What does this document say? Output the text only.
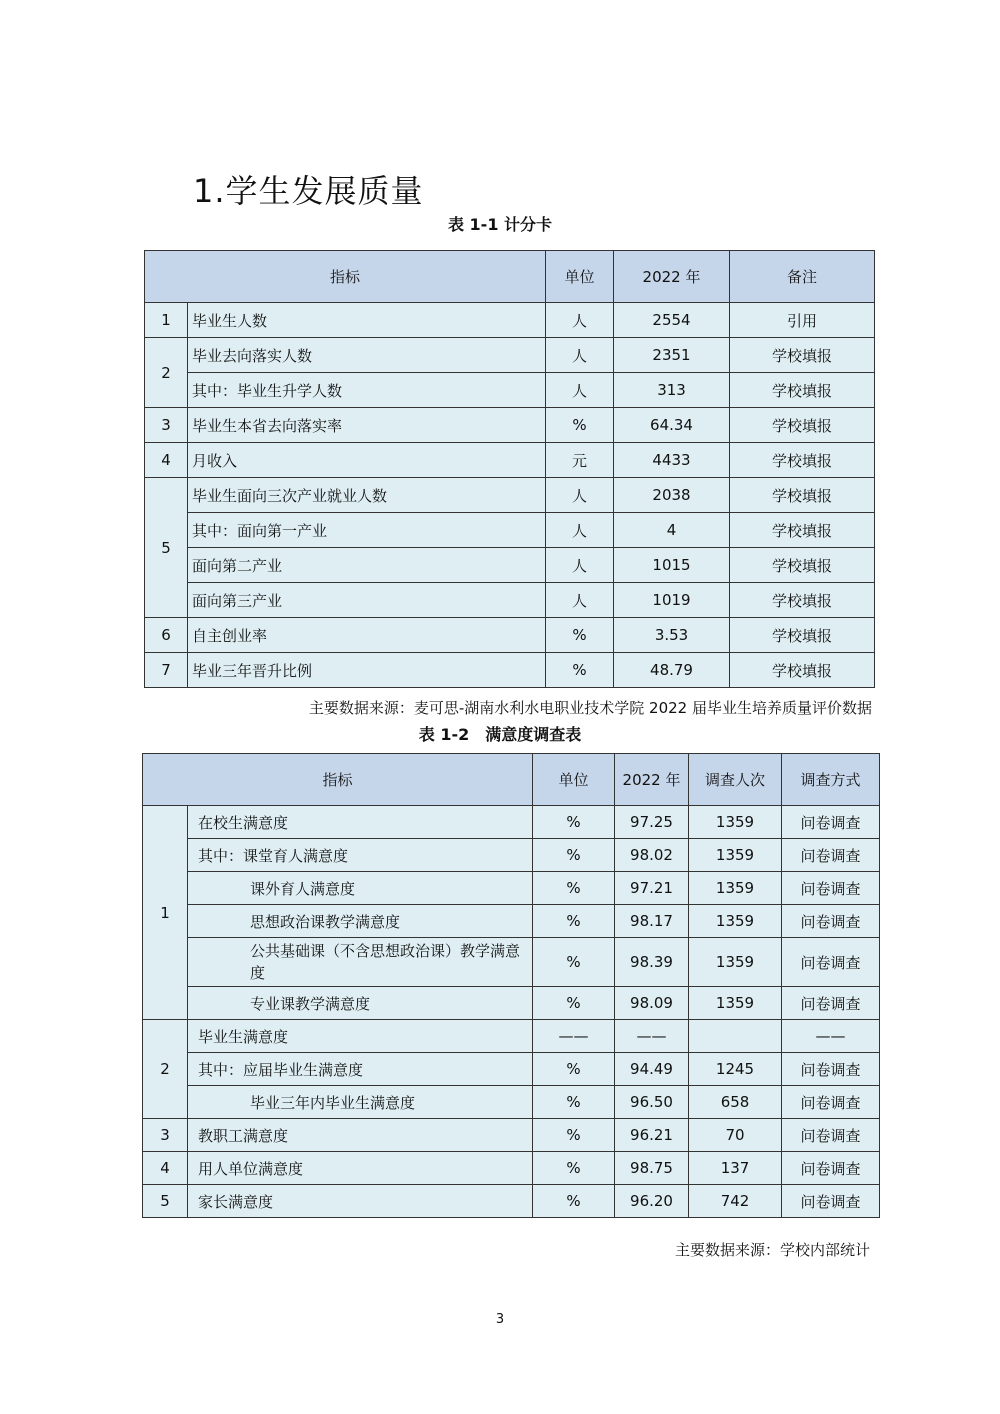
1.学生发展质量

表 1-1 计分卡

指标		单位	2022 年	备注
1	毕业生人数	人	2554	引用
2	毕业去向落实人数	人	2351	学校填报
	其中：毕业生升学人数	人	313	学校填报
3	毕业生本省去向落实率	%	64.34	学校填报
4	月收入	元	4433	学校填报
5	毕业生面向三次产业就业人数	人	2038	学校填报
	其中：面向第一产业	人	4	学校填报
	面向第二产业	人	1015	学校填报
	面向第三产业	人	1019	学校填报
6	自主创业率	%	3.53	学校填报
7	毕业三年晋升比例	%	48.79	学校填报

主要数据来源：麦可思-湖南水利水电职业技术学院 2022 届毕业生培养质量评价数据

表 1-2　满意度调查表

指标		单位	2022 年	调查人次	调查方式
1	在校生满意度	%	97.25	1359	问卷调查
	其中：课堂育人满意度	%	98.02	1359	问卷调查
	课外育人满意度	%	97.21	1359	问卷调查
	思想政治课教学满意度	%	98.17	1359	问卷调查
	公共基础课（不含思想政治课）教学满意度	%	98.39	1359	问卷调查
	专业课教学满意度	%	98.09	1359	问卷调查
2	毕业生满意度	——	——		——
	其中：应届毕业生满意度	%	94.49	1245	问卷调查
	毕业三年内毕业生满意度	%	96.50	658	问卷调查
3	教职工满意度	%	96.21	70	问卷调查
4	用人单位满意度	%	98.75	137	问卷调查
5	家长满意度	%	96.20	742	问卷调查

主要数据来源：学校内部统计

3
